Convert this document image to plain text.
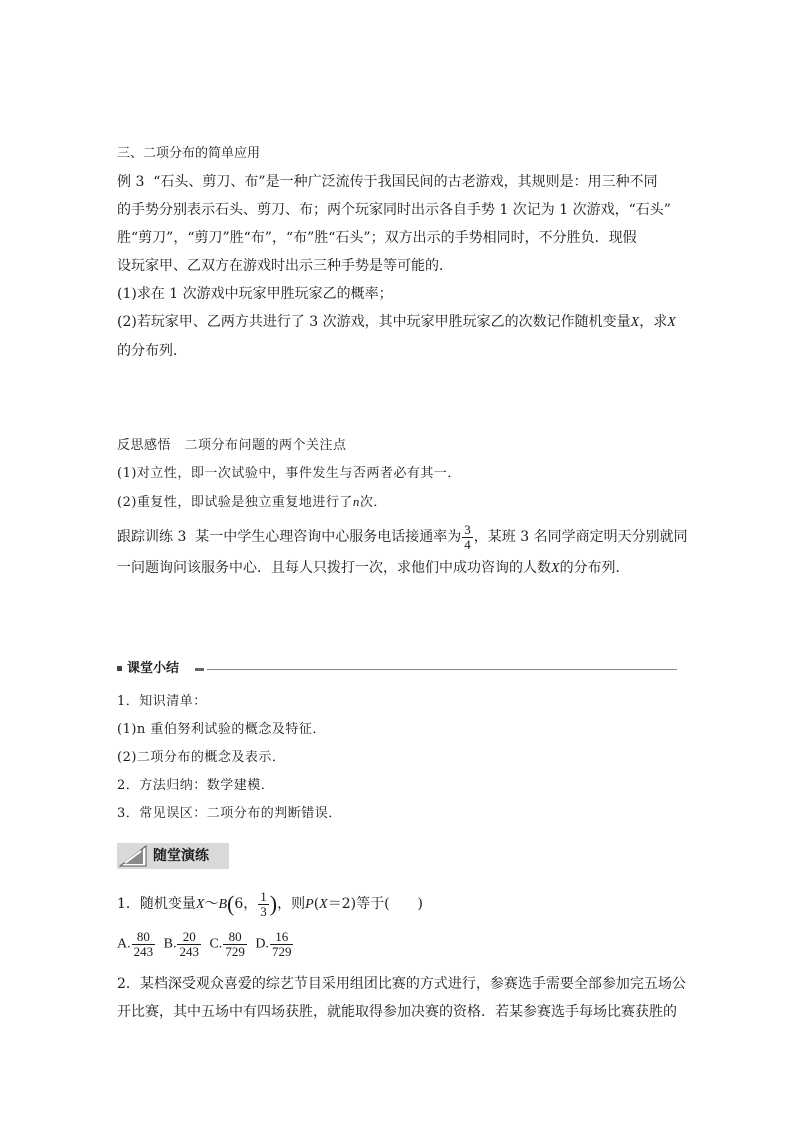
三、二项分布的简单应用
例 3 “石头、剪刀、布”是一种广泛流传于我国民间的古老游戏，其规则是：用三种不同
的手势分别表示石头、剪刀、布；两个玩家同时出示各自手势 1 次记为 1 次游戏，“石头”
胜“剪刀”，“剪刀”胜“布”，“布”胜“石头”；双方出示的手势相同时，不分胜负．现假
设玩家甲、乙双方在游戏时出示三种手势是等可能的．
(1)求在 1 次游戏中玩家甲胜玩家乙的概率；
(2)若玩家甲、乙两方共进行了 3 次游戏，其中玩家甲胜玩家乙的次数记作随机变量X，求X
的分布列．
反思感悟　二项分布问题的两个关注点
(1)对立性，即一次试验中，事件发生与否两者必有其一．
(2)重复性，即试验是独立重复地进行了n次．
跟踪训练 3 某一中学生心理咨询中心服务电话接通率为 $\frac{3}{4}$ ，某班 3 名同学商定明天分别就同
一问题询问该服务中心．且每人只拨打一次，求他们中成功咨询的人数X的分布列．
课堂小结
1．知识清单：
(1)n 重伯努利试验的概念及特征．
(2)二项分布的概念及表示．
2．方法归纳：数学建模．
3．常见误区：二项分布的判断错误．
随堂演练
1．随机变量X～B(6， $\frac{1}{3}$ )，则P(X＝2)等于(　　)
A. $\frac{80}{243} B$. $\frac{20}{243} C$. $\frac{80}{729} D$. $\frac{16}{729}$
2．某档深受观众喜爱的综艺节目采用组团比赛的方式进行，参赛选手需要全部参加完五场公
开比赛，其中五场中有四场获胜，就能取得参加决赛的资格．若某参赛选手每场比赛获胜的
